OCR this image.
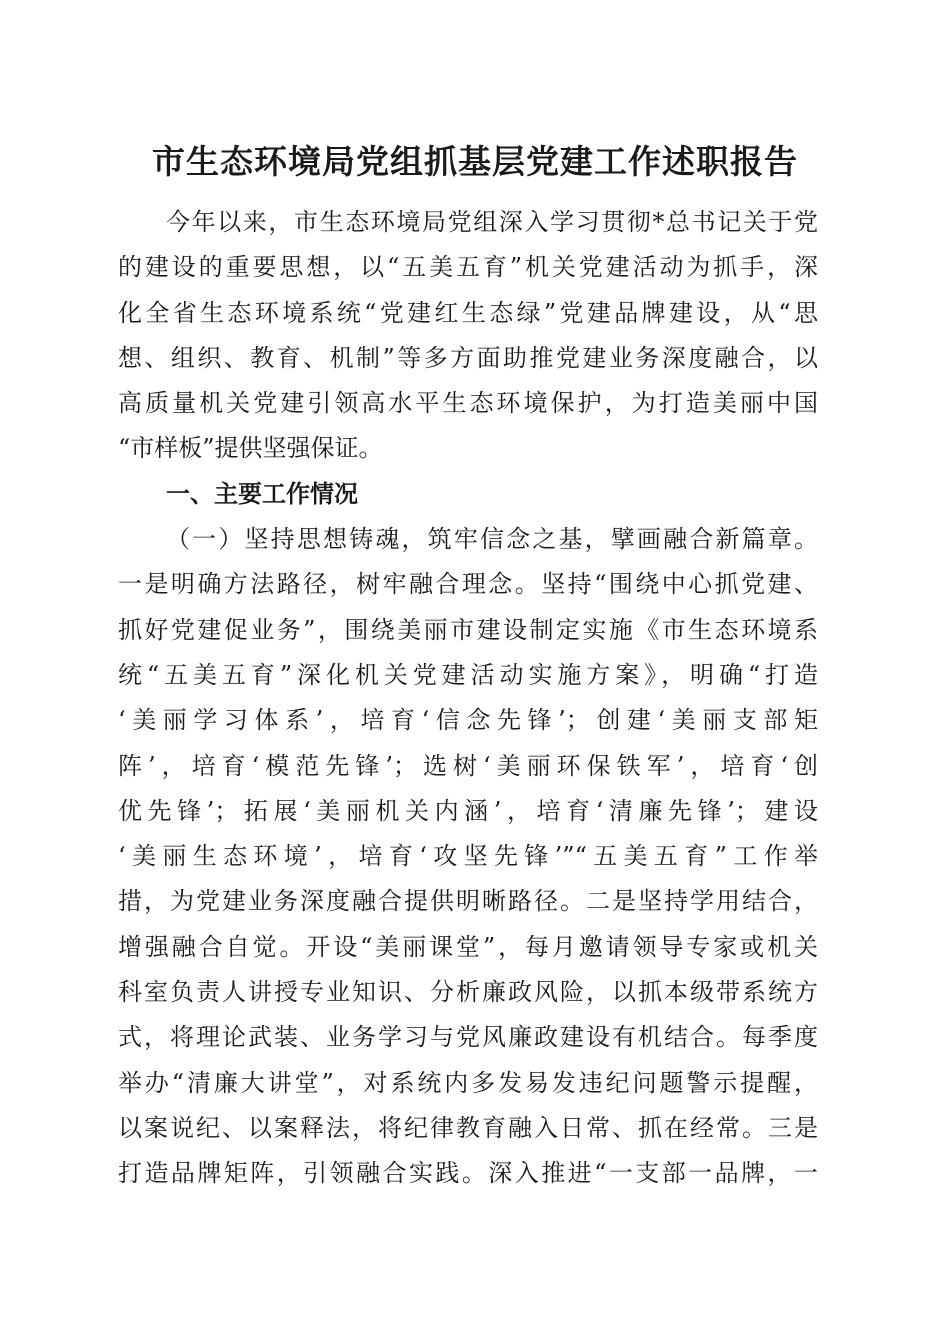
市生态环境局党组抓基层党建工作述职报告
今年以来，市生态环境局党组深入学习贯彻*总书记关于党
的建设的重要思想，以“五美五育”机关党建活动为抓手，深
化全省生态环境系统“党建红生态绿”党建品牌建设，从“思
想、组织、教育、机制”等多方面助推党建业务深度融合，以
高质量机关党建引领高水平生态环境保护，为打造美丽中国
“市样板”提供坚强保证。
一、主要工作情况
（一）坚持思想铸魂，筑牢信念之基，擘画融合新篇章。
一是明确方法路径，树牢融合理念。坚持“围绕中心抓党建、
抓好党建促业务”，围绕美丽市建设制定实施《市生态环境系
统“五美五育”深化机关党建活动实施方案》，明确“打造
‘美丽学习体系’，培育‘信念先锋’；创建‘美丽支部矩
阵’，培育‘模范先锋’；选树‘美丽环保铁军’，培育‘创
优先锋’；拓展‘美丽机关内涵’，培育‘清廉先锋’；建设
‘美丽生态环境’，培育‘攻坚先锋’”“五美五育”工作举
措，为党建业务深度融合提供明晰路径。二是坚持学用结合，
增强融合自觉。开设“美丽课堂”，每月邀请领导专家或机关
科室负责人讲授专业知识、分析廉政风险，以抓本级带系统方
式，将理论武装、业务学习与党风廉政建设有机结合。每季度
举办“清廉大讲堂”，对系统内多发易发违纪问题警示提醒，
以案说纪、以案释法，将纪律教育融入日常、抓在经常。三是
打造品牌矩阵，引领融合实践。深入推进“一支部一品牌，一
